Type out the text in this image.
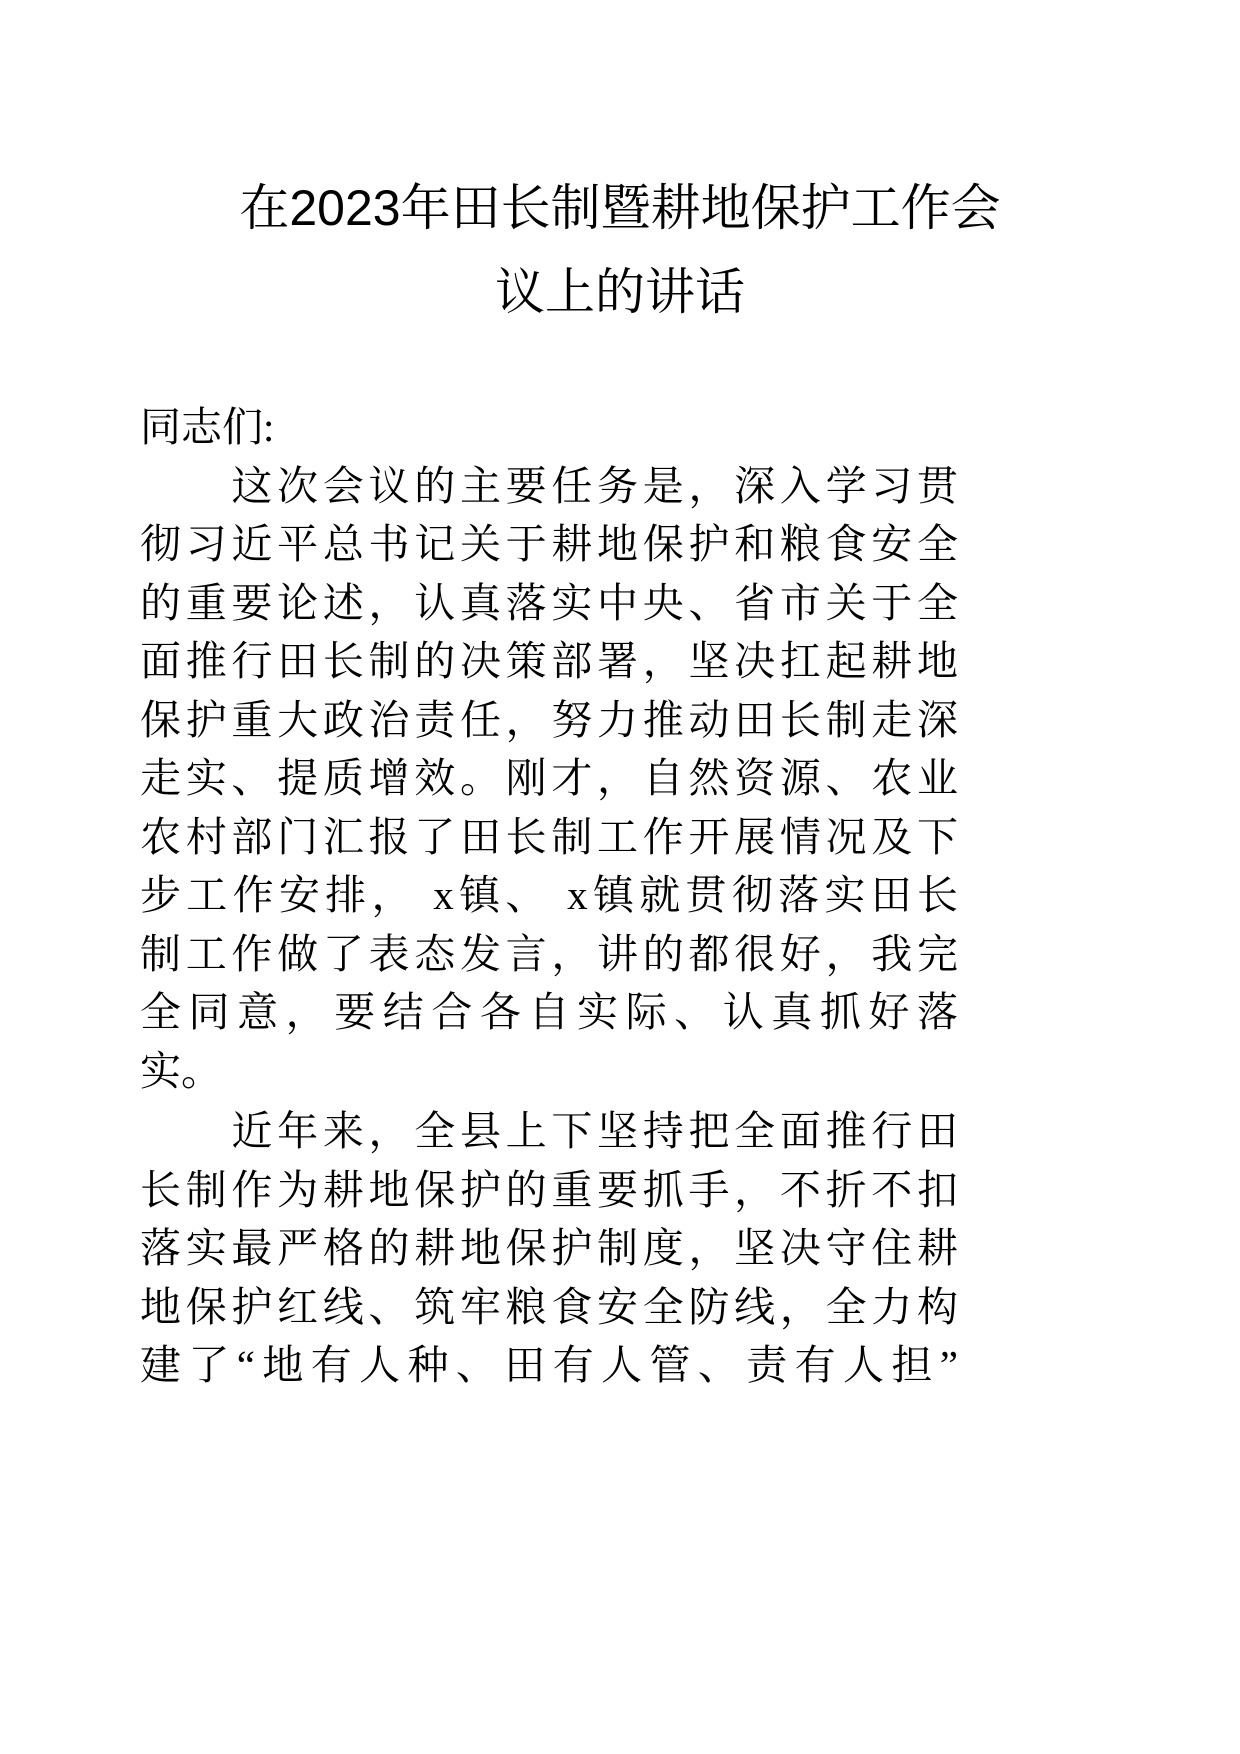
在2023年田长制暨耕地保护工作会
议上的讲话
同志们:
　　这次会议的主要任务是，深入学习贯
彻习近平总书记关于耕地保护和粮食安全
的重要论述，认真落实中央、省市关于全
面推行田长制的决策部署，坚决扛起耕地
保护重大政治责任，努力推动田长制走深
走实、提质增效。刚才，自然资源、农业
农村部门汇报了田长制工作开展情况及下
步工作安排， x镇、 x镇就贯彻落实田长
制工作做了表态发言，讲的都很好，我完
全同意，要结合各自实际、认真抓好落
实。
　　近年来，全县上下坚持把全面推行田
长制作为耕地保护的重要抓手，不折不扣
落实最严格的耕地保护制度，坚决守住耕
地保护红线、筑牢粮食安全防线，全力构
建了“地有人种、田有人管、责有人担”
